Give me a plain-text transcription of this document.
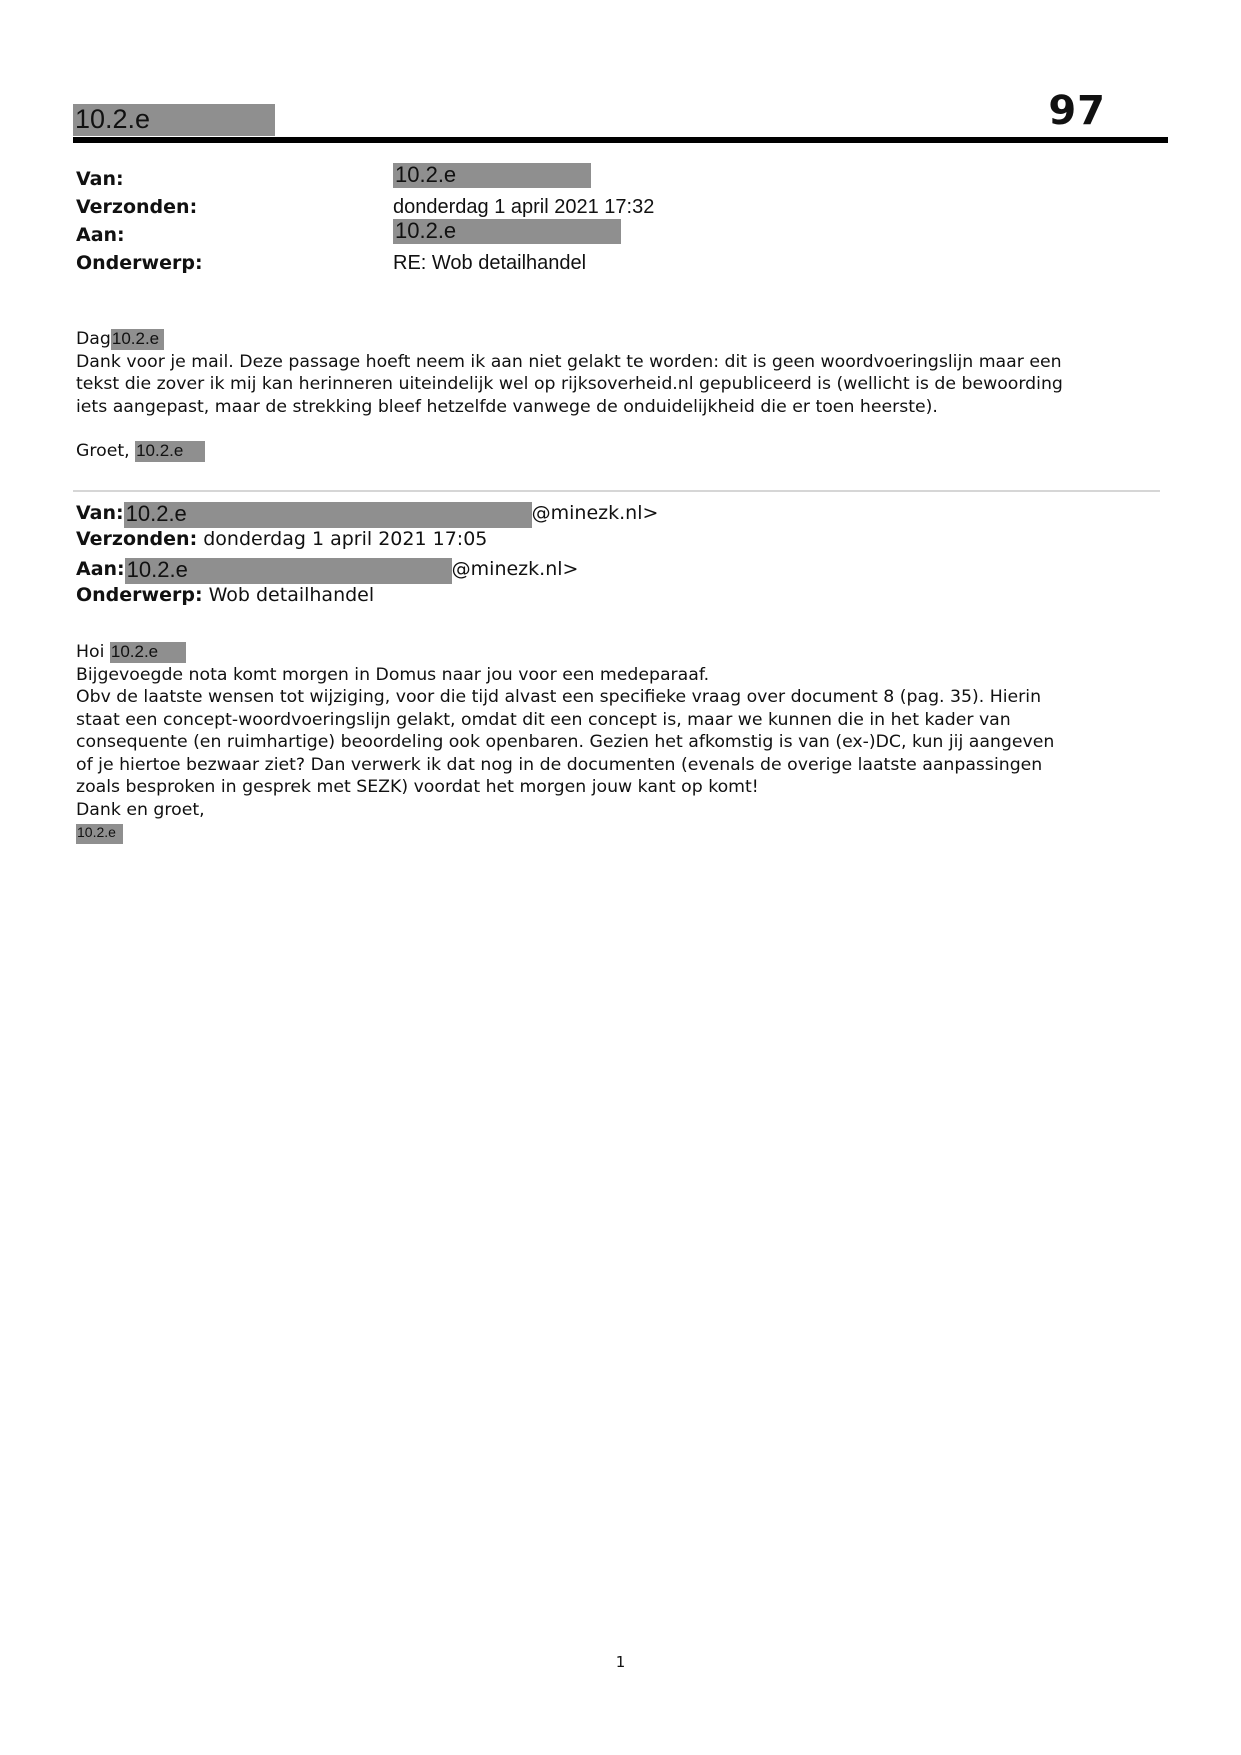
10.2.e	97
Van:	10.2.e
Verzonden:	donderdag 1 april 2021 17:32
Aan:	10.2.e
Onderwerp:	RE: Wob detailhandel

Dag10.2.e

Dank voor je mail. Deze passage hoeft neem ik aan niet gelakt te worden: dit is geen woordvoeringslijn maar een

tekst die zover ik mij kan herinneren uiteindelijk wel op rijksoverheid.nl gepubliceerd is (wellicht is de bewoording

iets aangepast, maar de strekking bleef hetzelfde vanwege de onduidelijkheid die er toen heerste).

Groet, 10.2.e

Van:10.2.e	@minezk.nl>
Verzonden: donderdag 1 april 2021 17:05
Aan:10.2.e	@minezk.nl>
Onderwerp: Wob detailhandel

Hoi 10.2.e

Bijgevoegde nota komt morgen in Domus naar jou voor een medeparaaf.

Obv de laatste wensen tot wijziging, voor die tijd alvast een specifieke vraag over document 8 (pag. 35). Hierin

staat een concept-woordvoeringslijn gelakt, omdat dit een concept is, maar we kunnen die in het kader van

consequente (en ruimhartige) beoordeling ook openbaren. Gezien het afkomstig is van (ex-)DC, kun jij aangeven

of je hiertoe bezwaar ziet? Dan verwerk ik dat nog in de documenten (evenals de overige laatste aanpassingen

zoals besproken in gesprek met SEZK) voordat het morgen jouw kant op komt!

Dank en groet,

10.2.e

1
